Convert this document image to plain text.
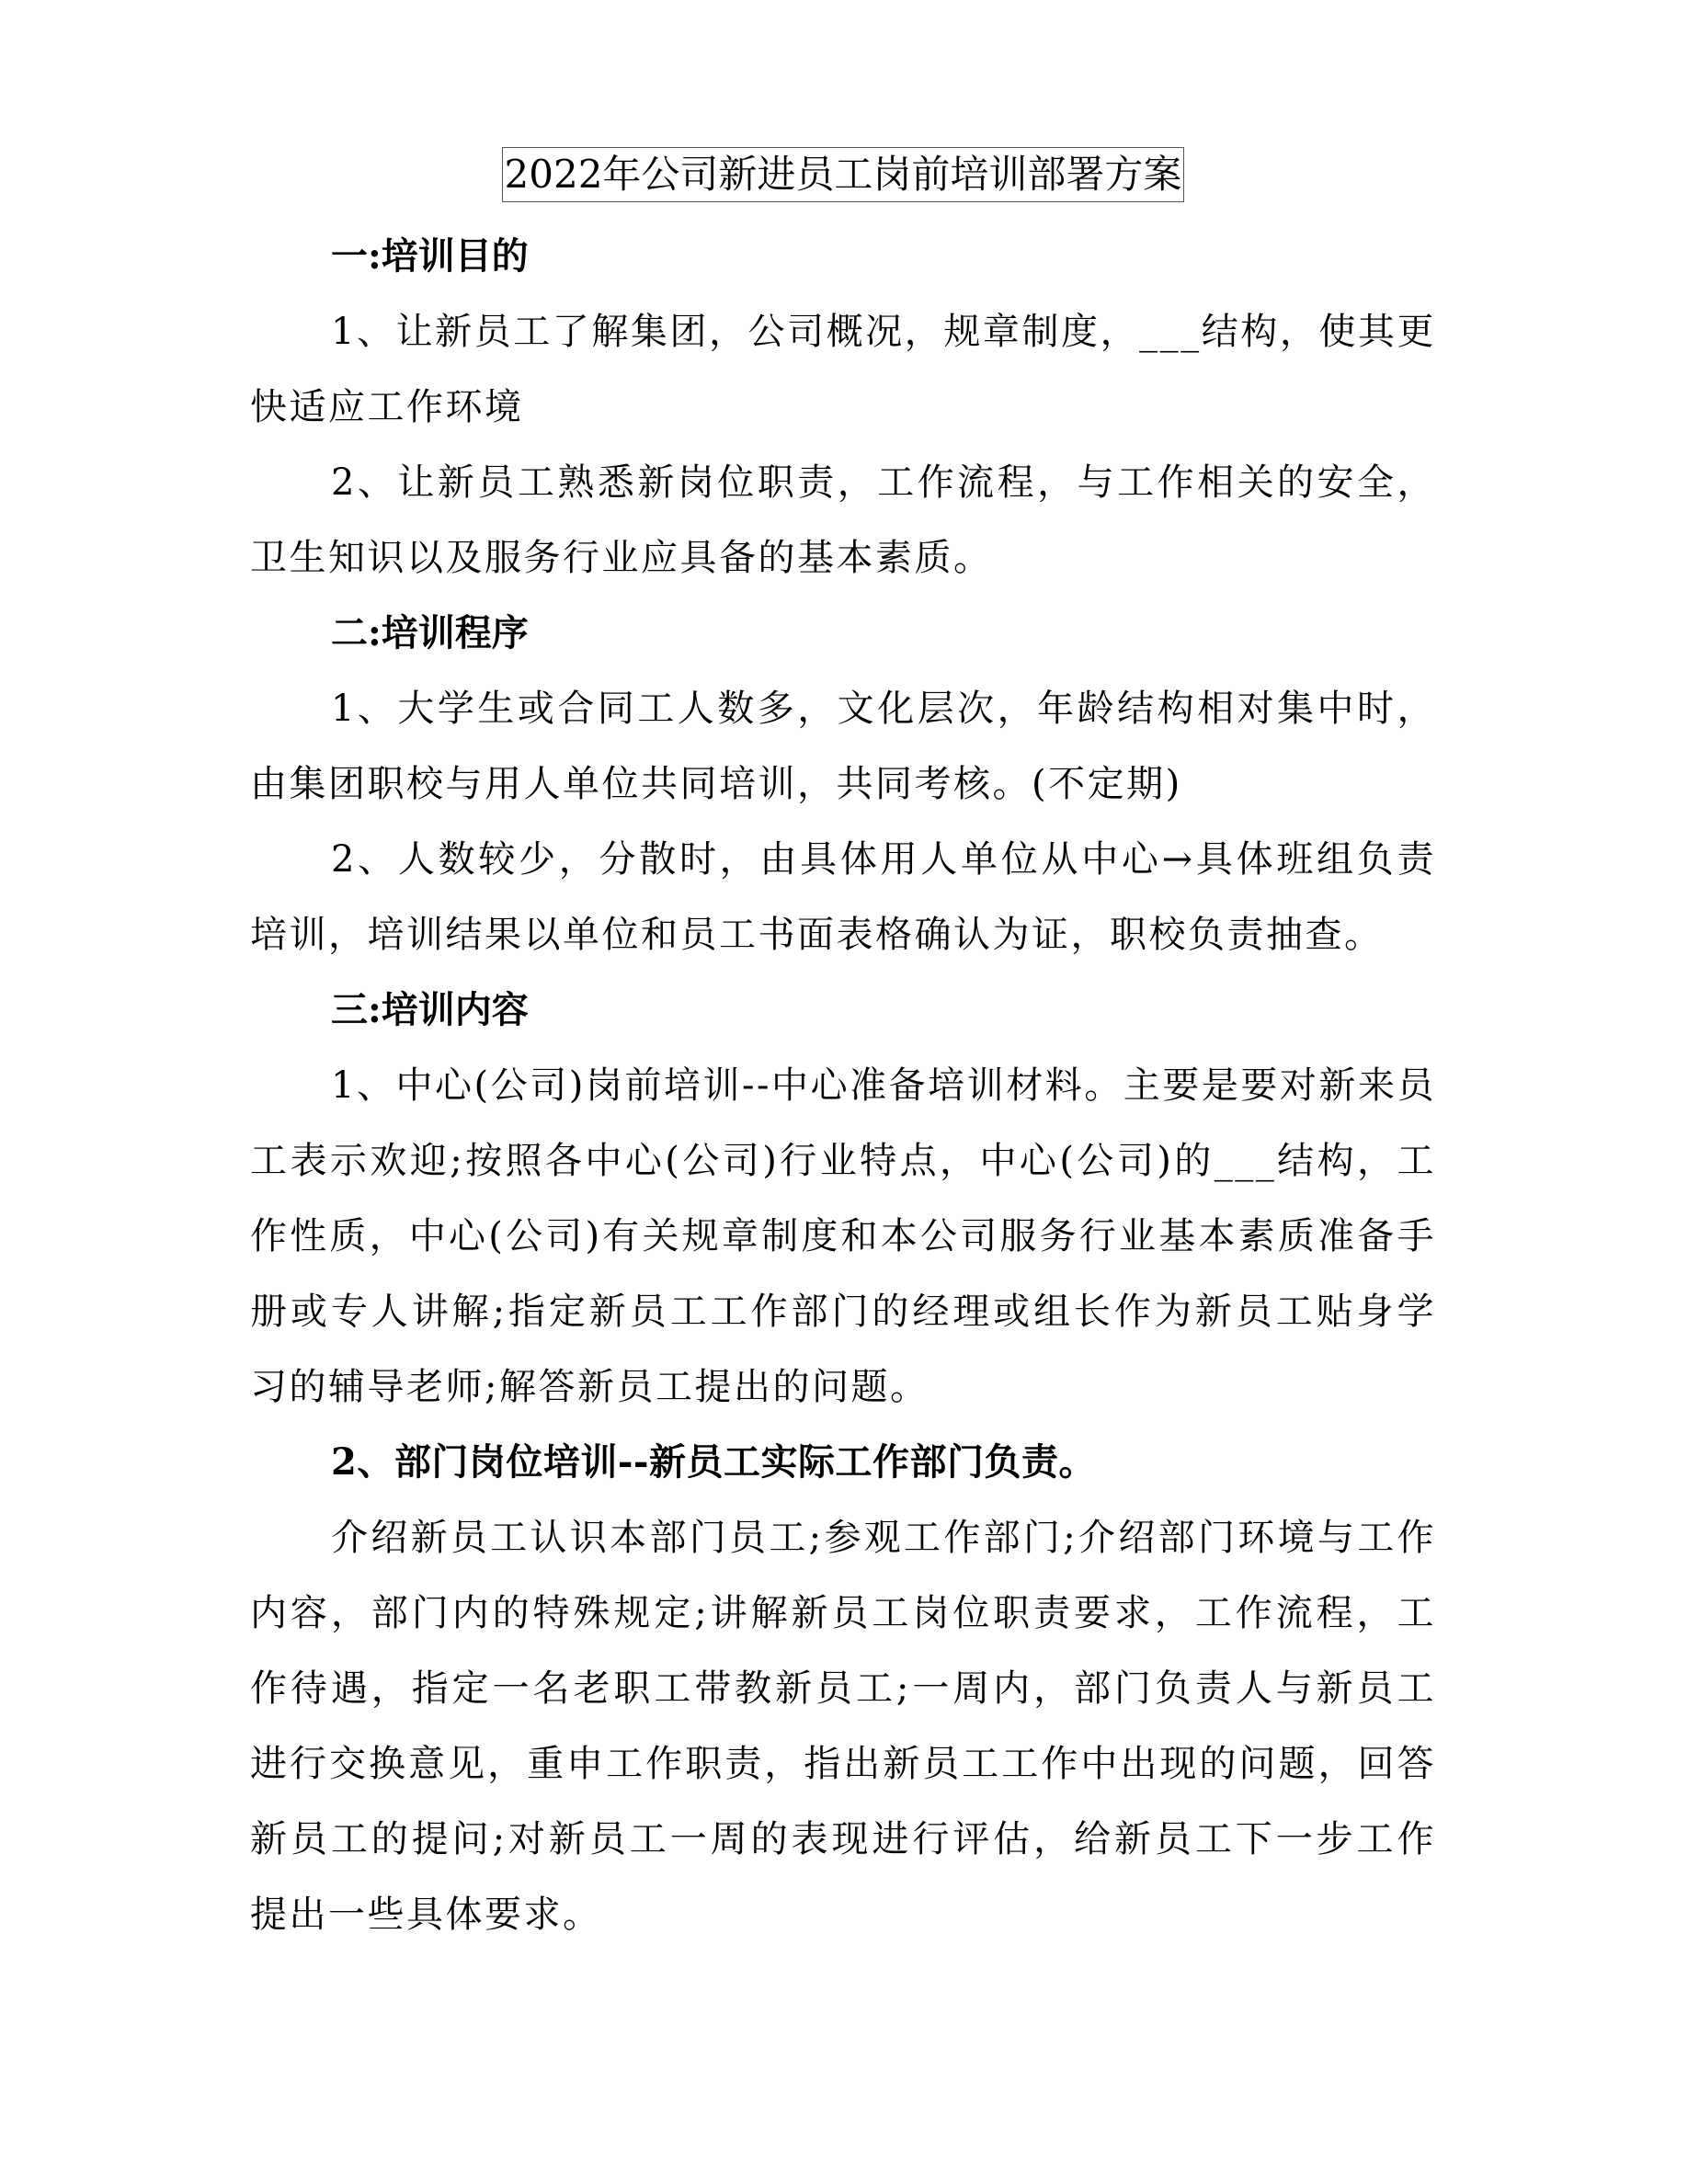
2022年公司新进员工岗前培训部署方案

一:培训目的

1、让新员工了解集团，公司概况，规章制度，___结构，使其更快适应工作环境

2、让新员工熟悉新岗位职责，工作流程，与工作相关的安全，卫生知识以及服务行业应具备的基本素质。

二:培训程序

1、大学生或合同工人数多，文化层次，年龄结构相对集中时，由集团职校与用人单位共同培训，共同考核。(不定期)

2、人数较少，分散时，由具体用人单位从中心→具体班组负责培训，培训结果以单位和员工书面表格确认为证，职校负责抽查。

三:培训内容

1、中心(公司)岗前培训--中心准备培训材料。主要是要对新来员工表示欢迎;按照各中心(公司)行业特点，中心(公司)的___结构，工作性质，中心(公司)有关规章制度和本公司服务行业基本素质准备手册或专人讲解;指定新员工工作部门的经理或组长作为新员工贴身学习的辅导老师;解答新员工提出的问题。

2、部门岗位培训--新员工实际工作部门负责。

介绍新员工认识本部门员工;参观工作部门;介绍部门环境与工作内容，部门内的特殊规定;讲解新员工岗位职责要求，工作流程，工作待遇，指定一名老职工带教新员工;一周内，部门负责人与新员工进行交换意见，重申工作职责，指出新员工工作中出现的问题，回答新员工的提问;对新员工一周的表现进行评估，给新员工下一步工作提出一些具体要求。
